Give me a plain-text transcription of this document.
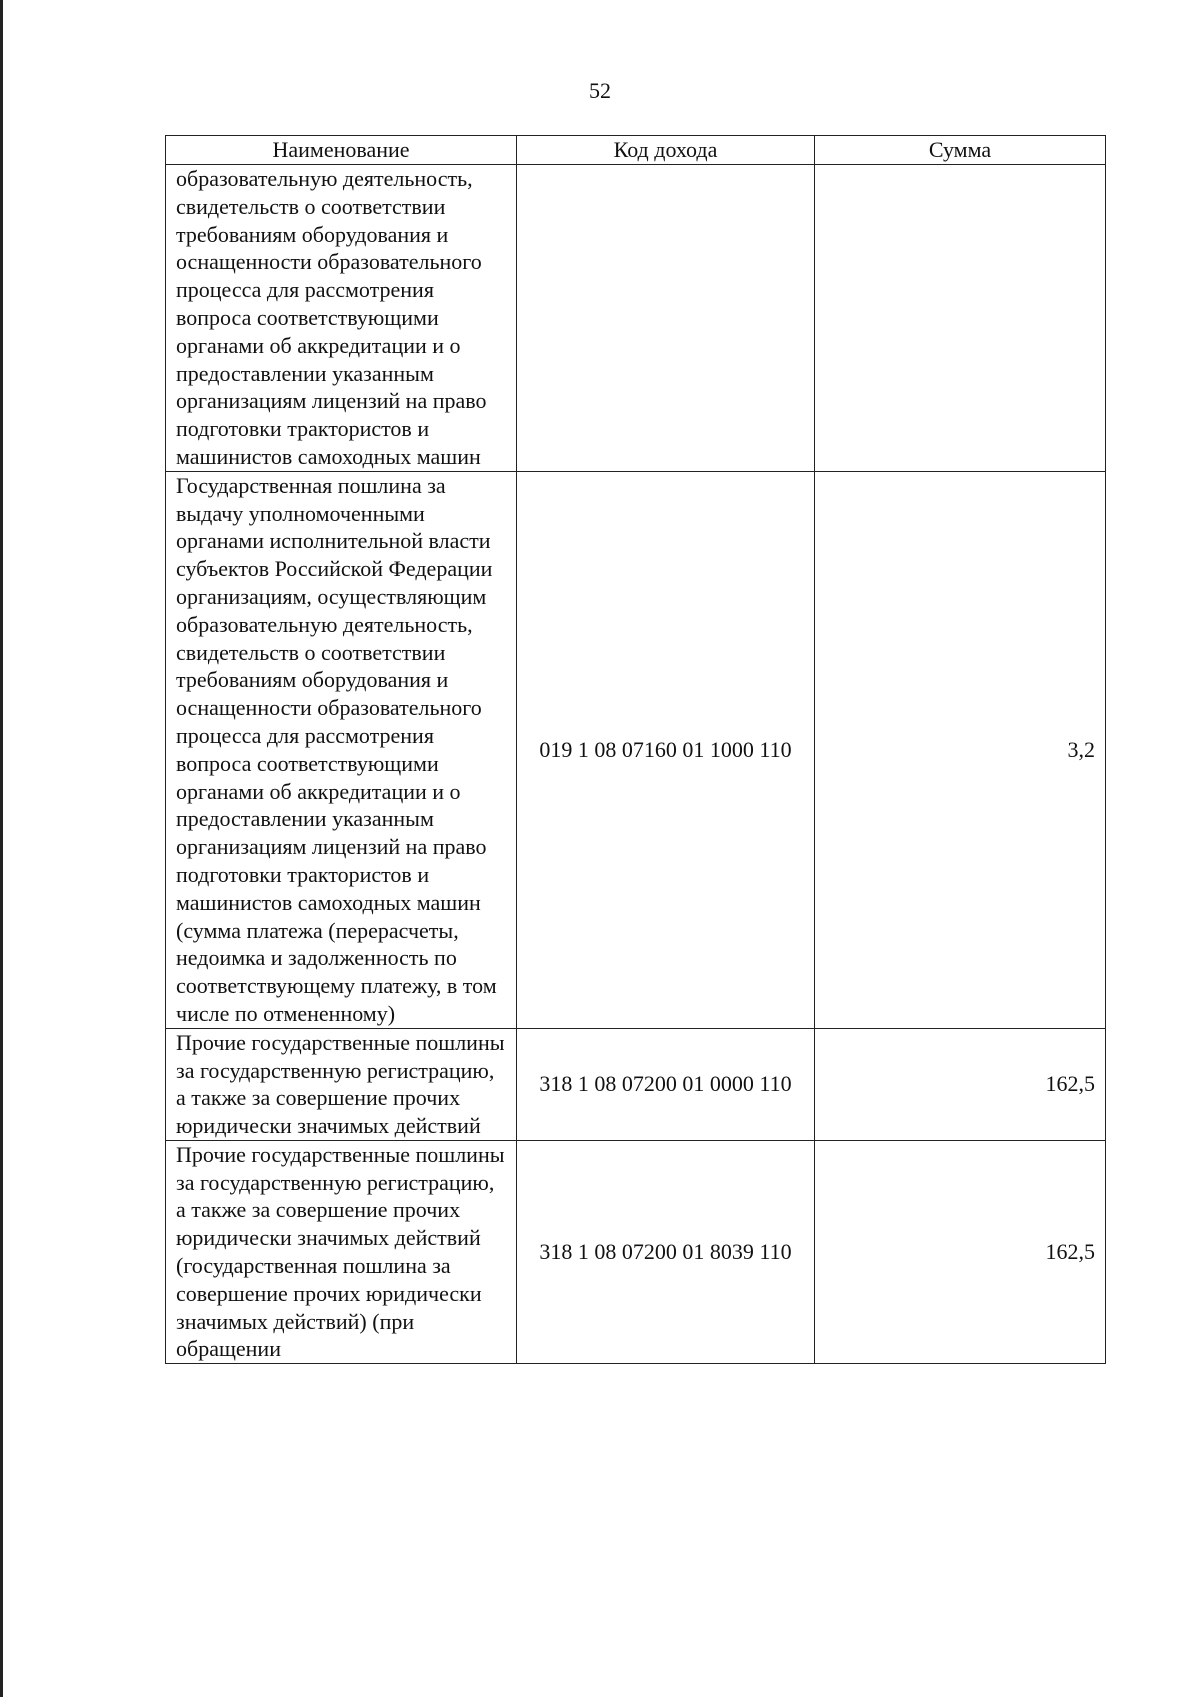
52
Наименование	Код дохода	Сумма
образовательную деятельность, свидетельств о соответствии требованиям оборудования и оснащенности образовательного процесса для рассмотрения вопроса соответствующими органами об аккредитации и о предоставлении указанным организациям лицензий на право подготовки трактористов и машинистов самоходных машин		
Государственная пошлина за выдачу уполномоченными органами исполнительной власти субъектов Российской Федерации организациям, осуществляющим образовательную деятельность, свидетельств о соответствии требованиям оборудования и оснащенности образовательного процесса для рассмотрения вопроса соответствующими органами об аккредитации и о предоставлении указанным организациям лицензий на право подготовки трактористов и машинистов самоходных машин (сумма платежа (перерасчеты, недоимка и задолженность по соответствующему платежу, в том числе по отмененному)	019 1 08 07160 01 1000 110	3,2
Прочие государственные пошлины за государственную регистрацию, а также за совершение прочих юридически значимых действий	318 1 08 07200 01 0000 110	162,5
Прочие государственные пошлины за государственную регистрацию, а также за совершение прочих юридически значимых действий (государственная пошлина за совершение прочих юридически значимых действий) (при обращении	318 1 08 07200 01 8039 110	162,5
